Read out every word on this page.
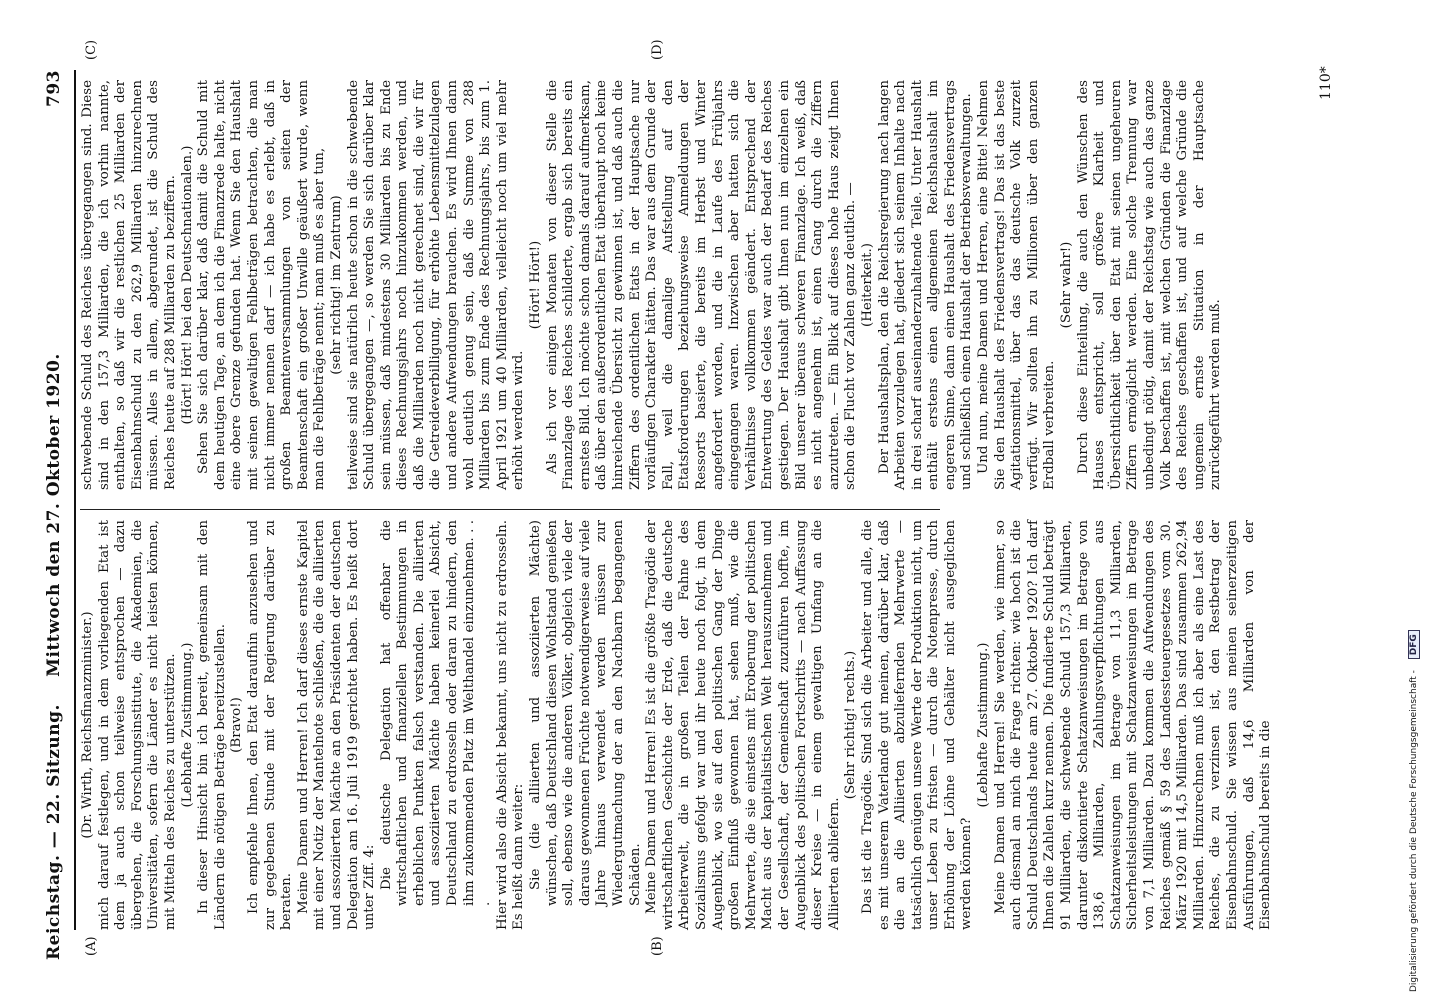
Reichstag. — 22. Sitzung.
Mittwoch den 27. Oktober 1920.
793
(A)	(B)
(C)	(D)

(Dr. Wirth, Reichsfinanzminister.) mich darauf festlegen, und in dem vorliegenden Etat ist dem ja auch schon teilweise entsprochen — dazu übergehen, die Forschungsinstitute, die Akademien, die Universitäten, sofern die Länder es nicht leisten können, mit Mitteln des Reiches zu unterstützen. (Lebhafte Zustimmung.) In dieser Hinsicht bin ich bereit, gemeinsam mit den Ländern die nötigen Beträge bereitzustellen. (Bravo!) Ich empfehle Ihnen, den Etat daraufhin anzusehen und zur gegebenen Stunde mit der Regierung darüber zu beraten. Meine Damen und Herren! Ich darf dieses ernste Kapitel mit einer Notiz der Mantelnote schließen, die die alliierten und assoziierten Mächte an den Präsidenten der deutschen Delegation am 16. Juli 1919 gerichtet haben. Es heißt dort unter Ziff. 4: Die deutsche Delegation hat offenbar die wirtschaftlichen und finanziellen Bestimmungen in erheblichen Punkten falsch verstanden. Die alliierten und assoziierten Mächte haben keinerlei Absicht, Deutschland zu erdrosseln oder daran zu hindern, den ihm zukommenden Platz im Welthandel einzunehmen. . . . Hier wird also die Absicht bekannt, uns nicht zu erdrosseln. Es heißt dann weiter: Sie (die alliierten und assoziierten Mächte) wünschen, daß Deutschland diesen Wohlstand genießen soll, ebenso wie die anderen Völker, obgleich viele der daraus gewonnenen Früchte notwendigerweise auf viele Jahre hinaus verwendet werden müssen zur Wiedergutmachung der an den Nachbarn begangenen Schäden. Meine Damen und Herren! Es ist die größte Tragödie der wirtschaftlichen Geschichte der Erde, daß die deutsche Arbeiterwelt, die in großen Teilen der Fahne des Sozialismus gefolgt war und ihr heute noch folgt, in dem Augenblick, wo sie auf den politischen Gang der Dinge großen Einfluß gewonnen hat, sehen muß, wie die Mehrwerte, die sie einstens mit Eroberung der politischen Macht aus der kapitalistischen Welt herauszunehmen und der Gesellschaft, der Gemeinschaft zuzuführen hoffte, im Augenblick des politischen Fortschritts — nach Auffassung dieser Kreise — in einem gewaltigen Umfang an die Alliierten abliefern.

(Sehr richtig! rechts.) Das ist die Tragödie. Sind sich die Arbeiter und alle, die es mit unserem Vaterlande gut meinen, darüber klar, daß die an die Alliierten abzuliefernden Mehrwerte — tatsächlich genügen unsere Werte der Produktion nicht, um unser Leben zu fristen — durch die Notenpresse, durch Erhöhung der Löhne und Gehälter nicht ausgeglichen werden können?

(Lebhafte Zustimmung.) Meine Damen und Herren! Sie werden, wie immer, so auch diesmal an mich die Frage richten: wie hoch ist die Schuld Deutschlands heute am 27. Oktober 1920? Ich darf Ihnen die Zahlen kurz nennen. Die fundierte Schuld beträgt 91 Milliarden, die schwebende Schuld 157,3 Milliarden, darunter diskontierte Schatzanweisungen im Betrage von 138,6 Milliarden, Zahlungsverpflichtungen aus Schatzanweisungen im Betrage von 11,3 Milliarden, Sicherheitsleistungen mit Schatzanweisungen im Betrage von 7,1 Milliarden. Dazu kommen die Aufwendungen des Reiches gemäß § 59 des Landessteuergesetzes vom 30. März 1920 mit 14,5 Milliarden. Das sind zusammen 262,94 Milliarden. Hinzurechnen muß ich aber als eine Last des Reiches, die zu verzinsen ist, den Restbetrag der Eisenbahnschuld. Sie wissen aus meinen seinerzeitigen Ausführungen, daß 14,6 Milliarden von der Eisenbahnschuld bereits in die

schwebende Schuld des Reiches übergegangen sind. Diese sind in den 157,3 Milliarden, die ich vorhin nannte, enthalten, so daß wir die restlichen 25 Milliarden der Eisenbahnschuld zu den 262,9 Milliarden hinzurechnen müssen. Alles in allem, abgerundet, ist die Schuld des Reiches heute auf 288 Milliarden zu beziffern. (Hört! Hört! bei den Deutschnationalen.) Sehen Sie sich darüber klar, daß damit die Schuld mit dem heutigen Tage, an dem ich die Finanzrede halte, nicht eine obere Grenze gefunden hat. Wenn Sie den Haushalt mit seinen gewaltigen Fehlbeträgen betrachten, die man nicht immer nennen darf — ich habe es erlebt, daß in großen Beamtenversammlungen von seiten der Beamtenschaft ein großer Unwille geäußert wurde, wenn man die Fehlbeträge nennt; man muß es aber tun, (sehr richtig! im Zentrum) teilweise sind sie natürlich heute schon in die schwebende Schuld übergegangen —, so werden Sie sich darüber klar sein müssen, daß mindestens 30 Milliarden bis zu Ende dieses Rechnungsjahrs noch hinzukommen werden, und daß die Milliarden noch nicht gerechnet sind, die wir für die Getreideverbilligung, für erhöhte Lebensmittelzulagen und andere Aufwendungen brauchen. Es wird Ihnen dann wohl deutlich genug sein, daß die Summe von 288 Milliarden bis zum Ende des Rechnungsjahrs, bis zum 1. April 1921 um 40 Milliarden, vielleicht noch um viel mehr erhöht werden wird.

(Hört! Hört!) Als ich vor einigen Monaten von dieser Stelle die Finanzlage des Reiches schilderte, ergab sich bereits ein ernstes Bild. Ich möchte schon damals darauf aufmerksam, daß über den außerordentlichen Etat überhaupt noch keine hinreichende Übersicht zu gewinnen ist, und daß auch die Ziffern des ordentlichen Etats in der Hauptsache nur vorläufigen Charakter hätten. Das war aus dem Grunde der Fall, weil die damalige Aufstellung auf den Etatsforderungen beziehungsweise Anmeldungen der Ressorts basierte, die bereits im Herbst und Winter angefordert worden, und die in Laufe des Frühjahrs eingegangen waren. Inzwischen aber hatten sich die Verhältnisse vollkommen geändert. Entsprechend der Entwertung des Geldes war auch der Bedarf des Reiches gestiegen. Der Haushalt gibt Ihnen nun im einzelnen ein Bild unserer überaus schweren Finanzlage. Ich weiß, daß es nicht angenehm ist, einen Gang durch die Ziffern anzutreten. — Ein Blick auf dieses hohe Haus zeigt Ihnen schon die Flucht vor Zahlen ganz deutlich. — (Heiterkeit.) Der Haushaltsplan, den die Reichsregierung nach langen Arbeiten vorzulegen hat, gliedert sich seinem Inhalte nach in drei scharf auseinanderzuhaltende Teile. Unter Haushalt enthält erstens einen allgemeinen Reichshaushalt im engeren Sinne, dann einen Haushalt des Friedensvertrags und schließlich einen Haushalt der Betriebsverwaltungen. Und nun, meine Damen und Herren, eine Bitte! Nehmen Sie den Haushalt des Friedensvertrags! Das ist das beste Agitationsmittel, über das das deutsche Volk zurzeit verfügt. Wir sollten ihn zu Millionen über den ganzen Erdball verbreiten.

(Sehr wahr!) Durch diese Einteilung, die auch den Wünschen des Hauses entspricht, soll größere Klarheit und Übersichtlichkeit über den Etat mit seinen ungeheuren Ziffern ermöglicht werden. Eine solche Trennung war unbedingt nötig, damit der Reichstag wie auch das ganze Volk beschaffen ist, mit welchen Gründen die Finanzlage des Reiches geschaffen ist, und auf welche Gründe die ungemein ernste Situation in der Hauptsache zurückgeführt werden muß.

110*
Digitalisierung gefördert durch die Deutsche Forschungsgemeinschaft - DFG
